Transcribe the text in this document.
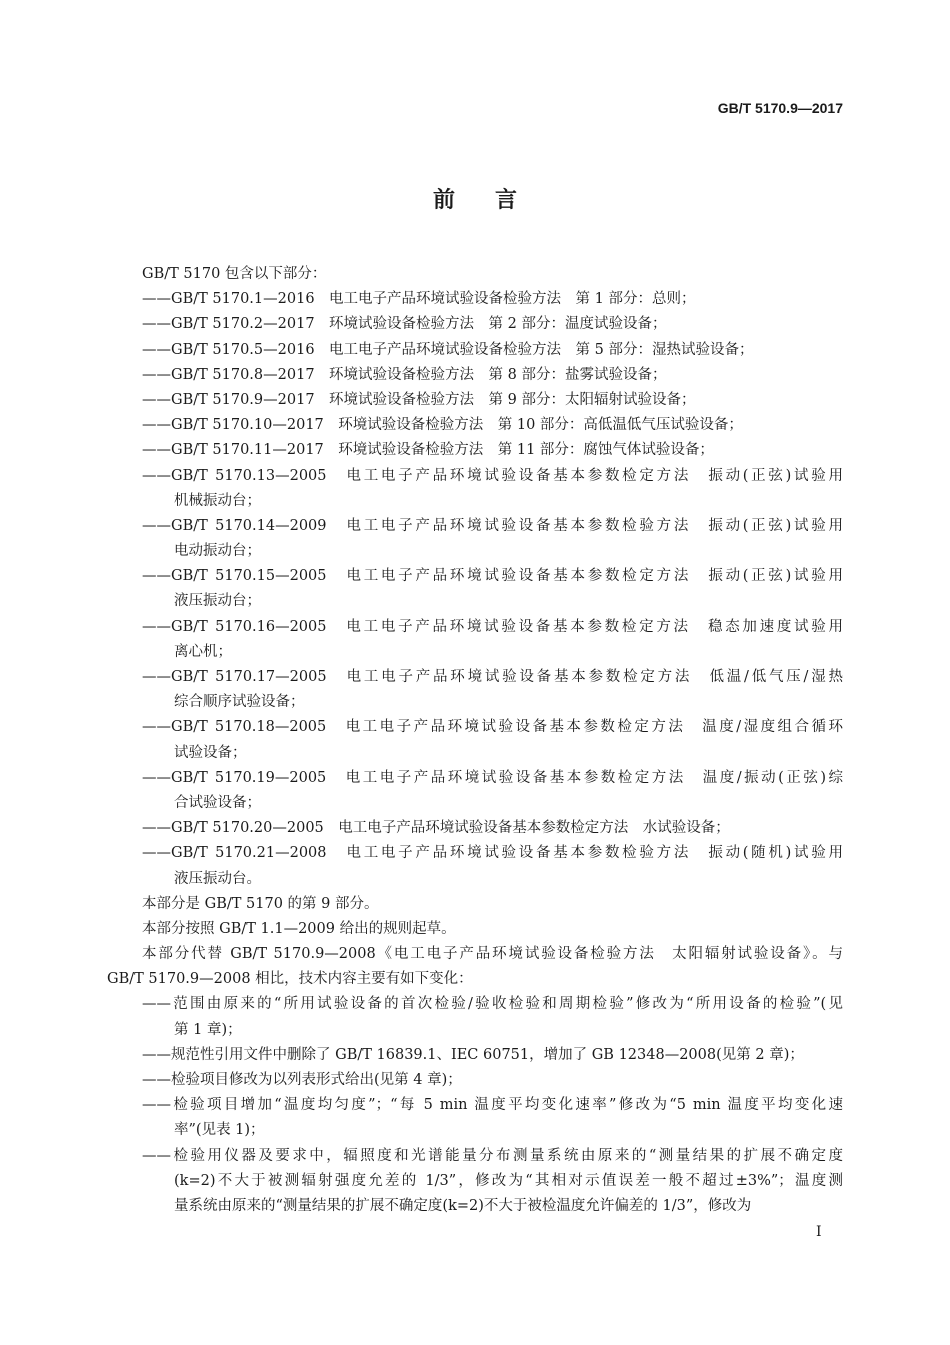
GB/T 5170.9—2017
前言
GB/T 5170 包含以下部分：
——GB/T 5170.1—2016　电工电子产品环境试验设备检验方法　第 1 部分：总则；
——GB/T 5170.2—2017　环境试验设备检验方法　第 2 部分：温度试验设备；
——GB/T 5170.5—2016　电工电子产品环境试验设备检验方法　第 5 部分：湿热试验设备；
——GB/T 5170.8—2017　环境试验设备检验方法　第 8 部分：盐雾试验设备；
——GB/T 5170.9—2017　环境试验设备检验方法　第 9 部分：太阳辐射试验设备；
——GB/T 5170.10—2017　环境试验设备检验方法　第 10 部分：高低温低气压试验设备；
——GB/T 5170.11—2017　环境试验设备检验方法　第 11 部分：腐蚀气体试验设备；
——GB/T 5170.13—2005　电工电子产品环境试验设备基本参数检定方法　振动(正弦)试验用
机械振动台；
——GB/T 5170.14—2009　电工电子产品环境试验设备基本参数检验方法　振动(正弦)试验用
电动振动台；
——GB/T 5170.15—2005　电工电子产品环境试验设备基本参数检定方法　振动(正弦)试验用
液压振动台；
——GB/T 5170.16—2005　电工电子产品环境试验设备基本参数检定方法　稳态加速度试验用
离心机；
——GB/T 5170.17—2005　电工电子产品环境试验设备基本参数检定方法　低温/低气压/湿热
综合顺序试验设备；
——GB/T 5170.18—2005　电工电子产品环境试验设备基本参数检定方法　温度/湿度组合循环
试验设备；
——GB/T 5170.19—2005　电工电子产品环境试验设备基本参数检定方法　温度/振动(正弦)综
合试验设备；
——GB/T 5170.20—2005　电工电子产品环境试验设备基本参数检定方法　水试验设备；
——GB/T 5170.21—2008　电工电子产品环境试验设备基本参数检验方法　振动(随机)试验用
液压振动台。
本部分是 GB/T 5170 的第 9 部分。
本部分按照 GB/T 1.1—2009 给出的规则起草。
本部分代替 GB/T 5170.9—2008《电工电子产品环境试验设备检验方法　太阳辐射试验设备》。与
GB/T 5170.9—2008 相比，技术内容主要有如下变化：
——范围由原来的“所用试验设备的首次检验/验收检验和周期检验”修改为“所用设备的检验”(见
第 1 章)；
——规范性引用文件中删除了 GB/T 16839.1、IEC 60751，增加了 GB 12348—2008(见第 2 章)；
——检验项目修改为以列表形式给出(见第 4 章)；
——检验项目增加“温度均匀度”；“每 5 min 温度平均变化速率”修改为“5 min 温度平均变化速
率”(见表 1)；
——检验用仪器及要求中，辐照度和光谱能量分布测量系统由原来的“测量结果的扩展不确定度
(k=2)不大于被测辐射强度允差的 1/3”，修改为“其相对示值误差一般不超过±3%”；温度测
量系统由原来的“测量结果的扩展不确定度(k=2)不大于被检温度允许偏差的 1/3”，修改为
I
